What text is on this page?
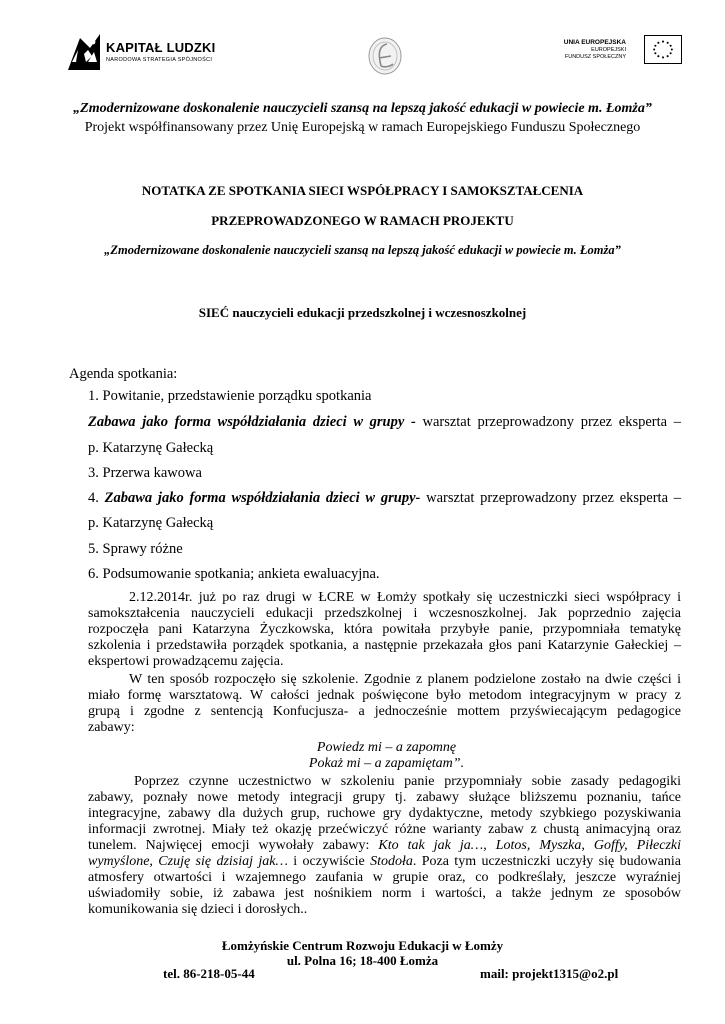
KAPITAŁ LUDZKI
NARODOWA STRATEGIA SPÓJNOŚCI
UNIA EUROPEJSKA
EUROPEJSKI
FUNDUSZ SPOŁECZNY
„Zmodernizowane doskonalenie nauczycieli szansą na lepszą jakość edukacji w powiecie m. Łomża”
Projekt współfinansowany przez Unię Europejską w ramach Europejskiego Funduszu Społecznego
NOTATKA ZE SPOTKANIA SIECI WSPÓŁPRACY I SAMOKSZTAŁCENIA
PRZEPROWADZONEGO W RAMACH PROJEKTU
„Zmodernizowane doskonalenie nauczycieli szansą na lepszą jakość edukacji w powiecie m. Łomża”
SIEĆ nauczycieli edukacji przedszkolnej i wczesnoszkolnej
Agenda spotkania:
1. Powitanie, przedstawienie porządku spotkania
Zabawa jako forma współdziałania dzieci w grupy - warsztat przeprowadzony przez eksperta –
p. Katarzynę Gałecką
3. Przerwa kawowa
4. Zabawa jako forma współdziałania dzieci w grupy- warsztat przeprowadzony przez eksperta –
p. Katarzynę Gałecką
5. Sprawy różne
6. Podsumowanie spotkania; ankieta ewaluacyjna.

2.12.2014r. już po raz drugi w ŁCRE w Łomży spotkały się uczestniczki sieci współpracy i

samokształcenia nauczycieli edukacji przedszkolnej i wczesnoszkolnej. Jak poprzednio zajęcia

rozpoczęła pani Katarzyna Życzkowska, która powitała przybyłe panie, przypomniała tematykę

szkolenia i przedstawiła porządek spotkania, a następnie przekazała głos pani Katarzynie Gałeckiej –

ekspertowi prowadzącemu zajęcia.

W ten sposób rozpoczęło się szkolenie. Zgodnie z planem podzielone zostało na dwie części i

miało formę warsztatową. W całości jednak poświęcone było metodom integracyjnym w pracy z

grupą i zgodne z sentencją Konfucjusza- a jednocześnie mottem przyświecającym pedagogice

zabawy:

Powiedz mi – a zapomnę
Pokaż mi – a zapamiętam”.

Poprzez czynne uczestnictwo w szkoleniu panie przypomniały sobie zasady pedagogiki

zabawy, poznały nowe metody integracji grupy tj. zabawy służące bliższemu poznaniu, tańce

integracyjne, zabawy dla dużych grup, ruchowe gry dydaktyczne, metody szybkiego pozyskiwania

informacji zwrotnej. Miały też okazję przećwiczyć różne warianty zabaw z chustą animacyjną oraz

tunelem. Najwięcej emocji wywołały zabawy: Kto tak jak ja…, Lotos, Myszka, Goffy, Piłeczki

wymyślone, Czuję się dzisiaj jak… i oczywiście Stodoła. Poza tym uczestniczki uczyły się budowania

atmosfery otwartości i wzajemnego zaufania w grupie oraz, co podkreślały, jeszcze wyraźniej

uświadomiły sobie, iż zabawa jest nośnikiem norm i wartości, a także jednym ze sposobów

komunikowania się dzieci i dorosłych..

Łomżyńskie Centrum Rozwoju Edukacji w Łomży
ul. Polna 16; 18-400 Łomża
tel. 86-218-05-44	mail: projekt1315@o2.pl
